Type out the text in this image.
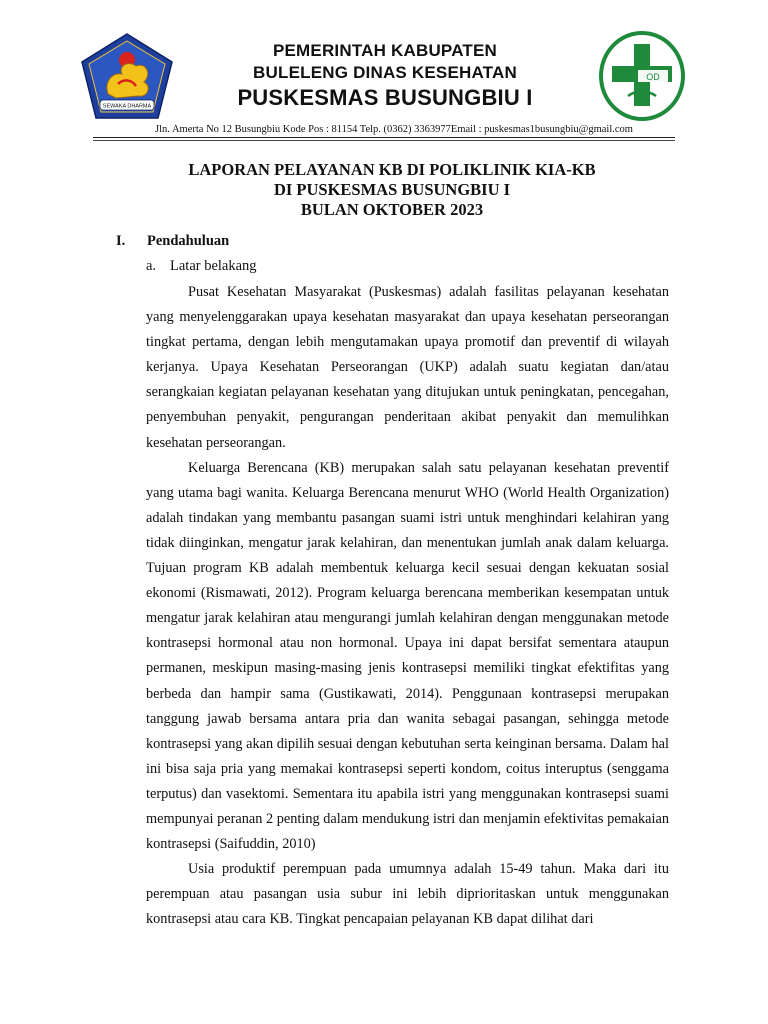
SEWAKA DHARMA
PEMERINTAH KABUPATEN
BULELENG DINAS KESEHATAN
PUSKESMAS BUSUNGBIU I
OD
Jln. Amerta No 12 Busungbiu Kode Pos : 81154 Telp. (0362) 3363977Email : puskesmas1busungbiu@gmail.com
LAPORAN PELAYANAN KB DI POLIKLINIK KIA-KB
DI PUSKESMAS BUSUNGBIU I
BULAN OKTOBER 2023
I. Pendahuluan
a. Latar belakang

Pusat Kesehatan Masyarakat (Puskesmas) adalah fasilitas pelayanan kesehatan yang menyelenggarakan upaya kesehatan masyarakat dan upaya kesehatan perseorangan tingkat pertama, dengan lebih mengutamakan upaya promotif dan preventif di wilayah kerjanya. Upaya Kesehatan Perseorangan (UKP) adalah suatu kegiatan dan/atau serangkaian kegiatan pelayanan kesehatan yang ditujukan untuk peningkatan, pencegahan, penyembuhan penyakit, pengurangan penderitaan akibat penyakit dan memulihkan kesehatan perseorangan.

Keluarga Berencana (KB) merupakan salah satu pelayanan kesehatan preventif yang utama bagi wanita. Keluarga Berencana menurut WHO (World Health Organization) adalah tindakan yang membantu pasangan suami istri untuk menghindari kelahiran yang tidak diinginkan, mengatur jarak kelahiran, dan menentukan jumlah anak dalam keluarga. Tujuan program KB adalah membentuk keluarga kecil sesuai dengan kekuatan sosial ekonomi (Rismawati, 2012). Program keluarga berencana memberikan kesempatan untuk mengatur jarak kelahiran atau mengurangi jumlah kelahiran dengan menggunakan metode kontrasepsi hormonal atau non hormonal. Upaya ini dapat bersifat sementara ataupun permanen, meskipun masing-masing jenis kontrasepsi memiliki tingkat efektifitas yang berbeda dan hampir sama (Gustikawati, 2014). Penggunaan kontrasepsi merupakan tanggung jawab bersama antara pria dan wanita sebagai pasangan, sehingga metode kontrasepsi yang akan dipilih sesuai dengan kebutuhan serta keinginan bersama. Dalam hal ini bisa saja pria yang memakai kontrasepsi seperti kondom, coitus interuptus (senggama terputus) dan vasektomi. Sementara itu apabila istri yang menggunakan kontrasepsi suami mempunyai peranan 2 penting dalam mendukung istri dan menjamin efektivitas pemakaian kontrasepsi (Saifuddin, 2010)

Usia produktif perempuan pada umumnya adalah 15-49 tahun. Maka dari itu perempuan atau pasangan usia subur ini lebih diprioritaskan untuk menggunakan kontrasepsi atau cara KB. Tingkat pencapaian pelayanan KB dapat dilihat dari
